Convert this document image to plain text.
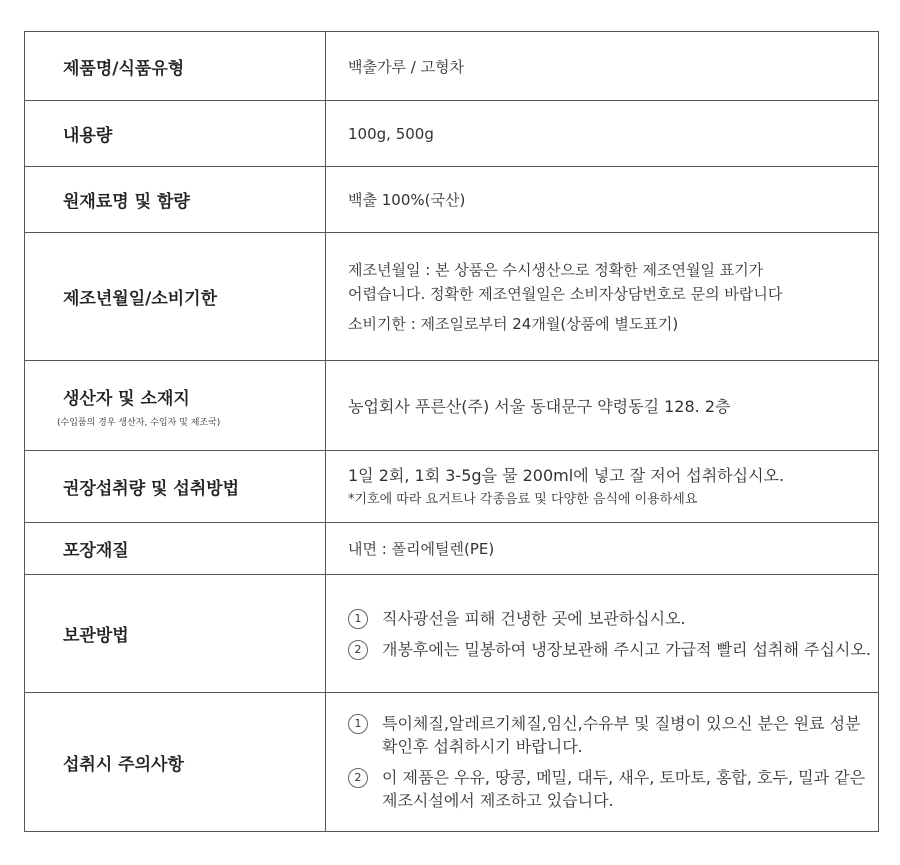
제품명/식품유형	백출가루 / 고형차
내용량	100g, 500g
원재료명 및 함량	백출 100%(국산)
제조년월일/소비기한	제조년월일 : 본 상품은 수시생산으로 정확한 제조연월일 표기가
어렵습니다. 정확한 제조연월일은 소비자상담번호로 문의 바랍니다
소비기한 : 제조일로부터 24개월(상품에 별도표기)

생산자 및 소재지
(수입품의 경우 생산자, 수입자 및 제조국)	농업회사 푸른산(주) 서울 동대문구 약령동길 128. 2층
권장섭취량 및 섭취방법	1일 2회, 1회 3-5g을 물 200ml에 넣고 잘 저어 섭취하십시오.
*기호에 따라 요거트나 각종음료 및 다양한 음식에 이용하세요

포장재질	내면 : 폴리에틸렌(PE)
보관방법	1 직사광선을 피해 건냉한 곳에 보관하십시오.
2 개봉후에는 밀봉하여 냉장보관해 주시고 가급적 빨리 섭취해 주십시오.

섭취시 주의사항	1 특이체질,알레르기체질,임신,수유부 및 질병이 있으신 분은 원료 성분 확인후 섭취하시기 바랍니다.
2 이 제품은 우유, 땅콩, 메밀, 대두, 새우, 토마토, 홍합, 호두, 밀과 같은 제조시설에서 제조하고 있습니다.
